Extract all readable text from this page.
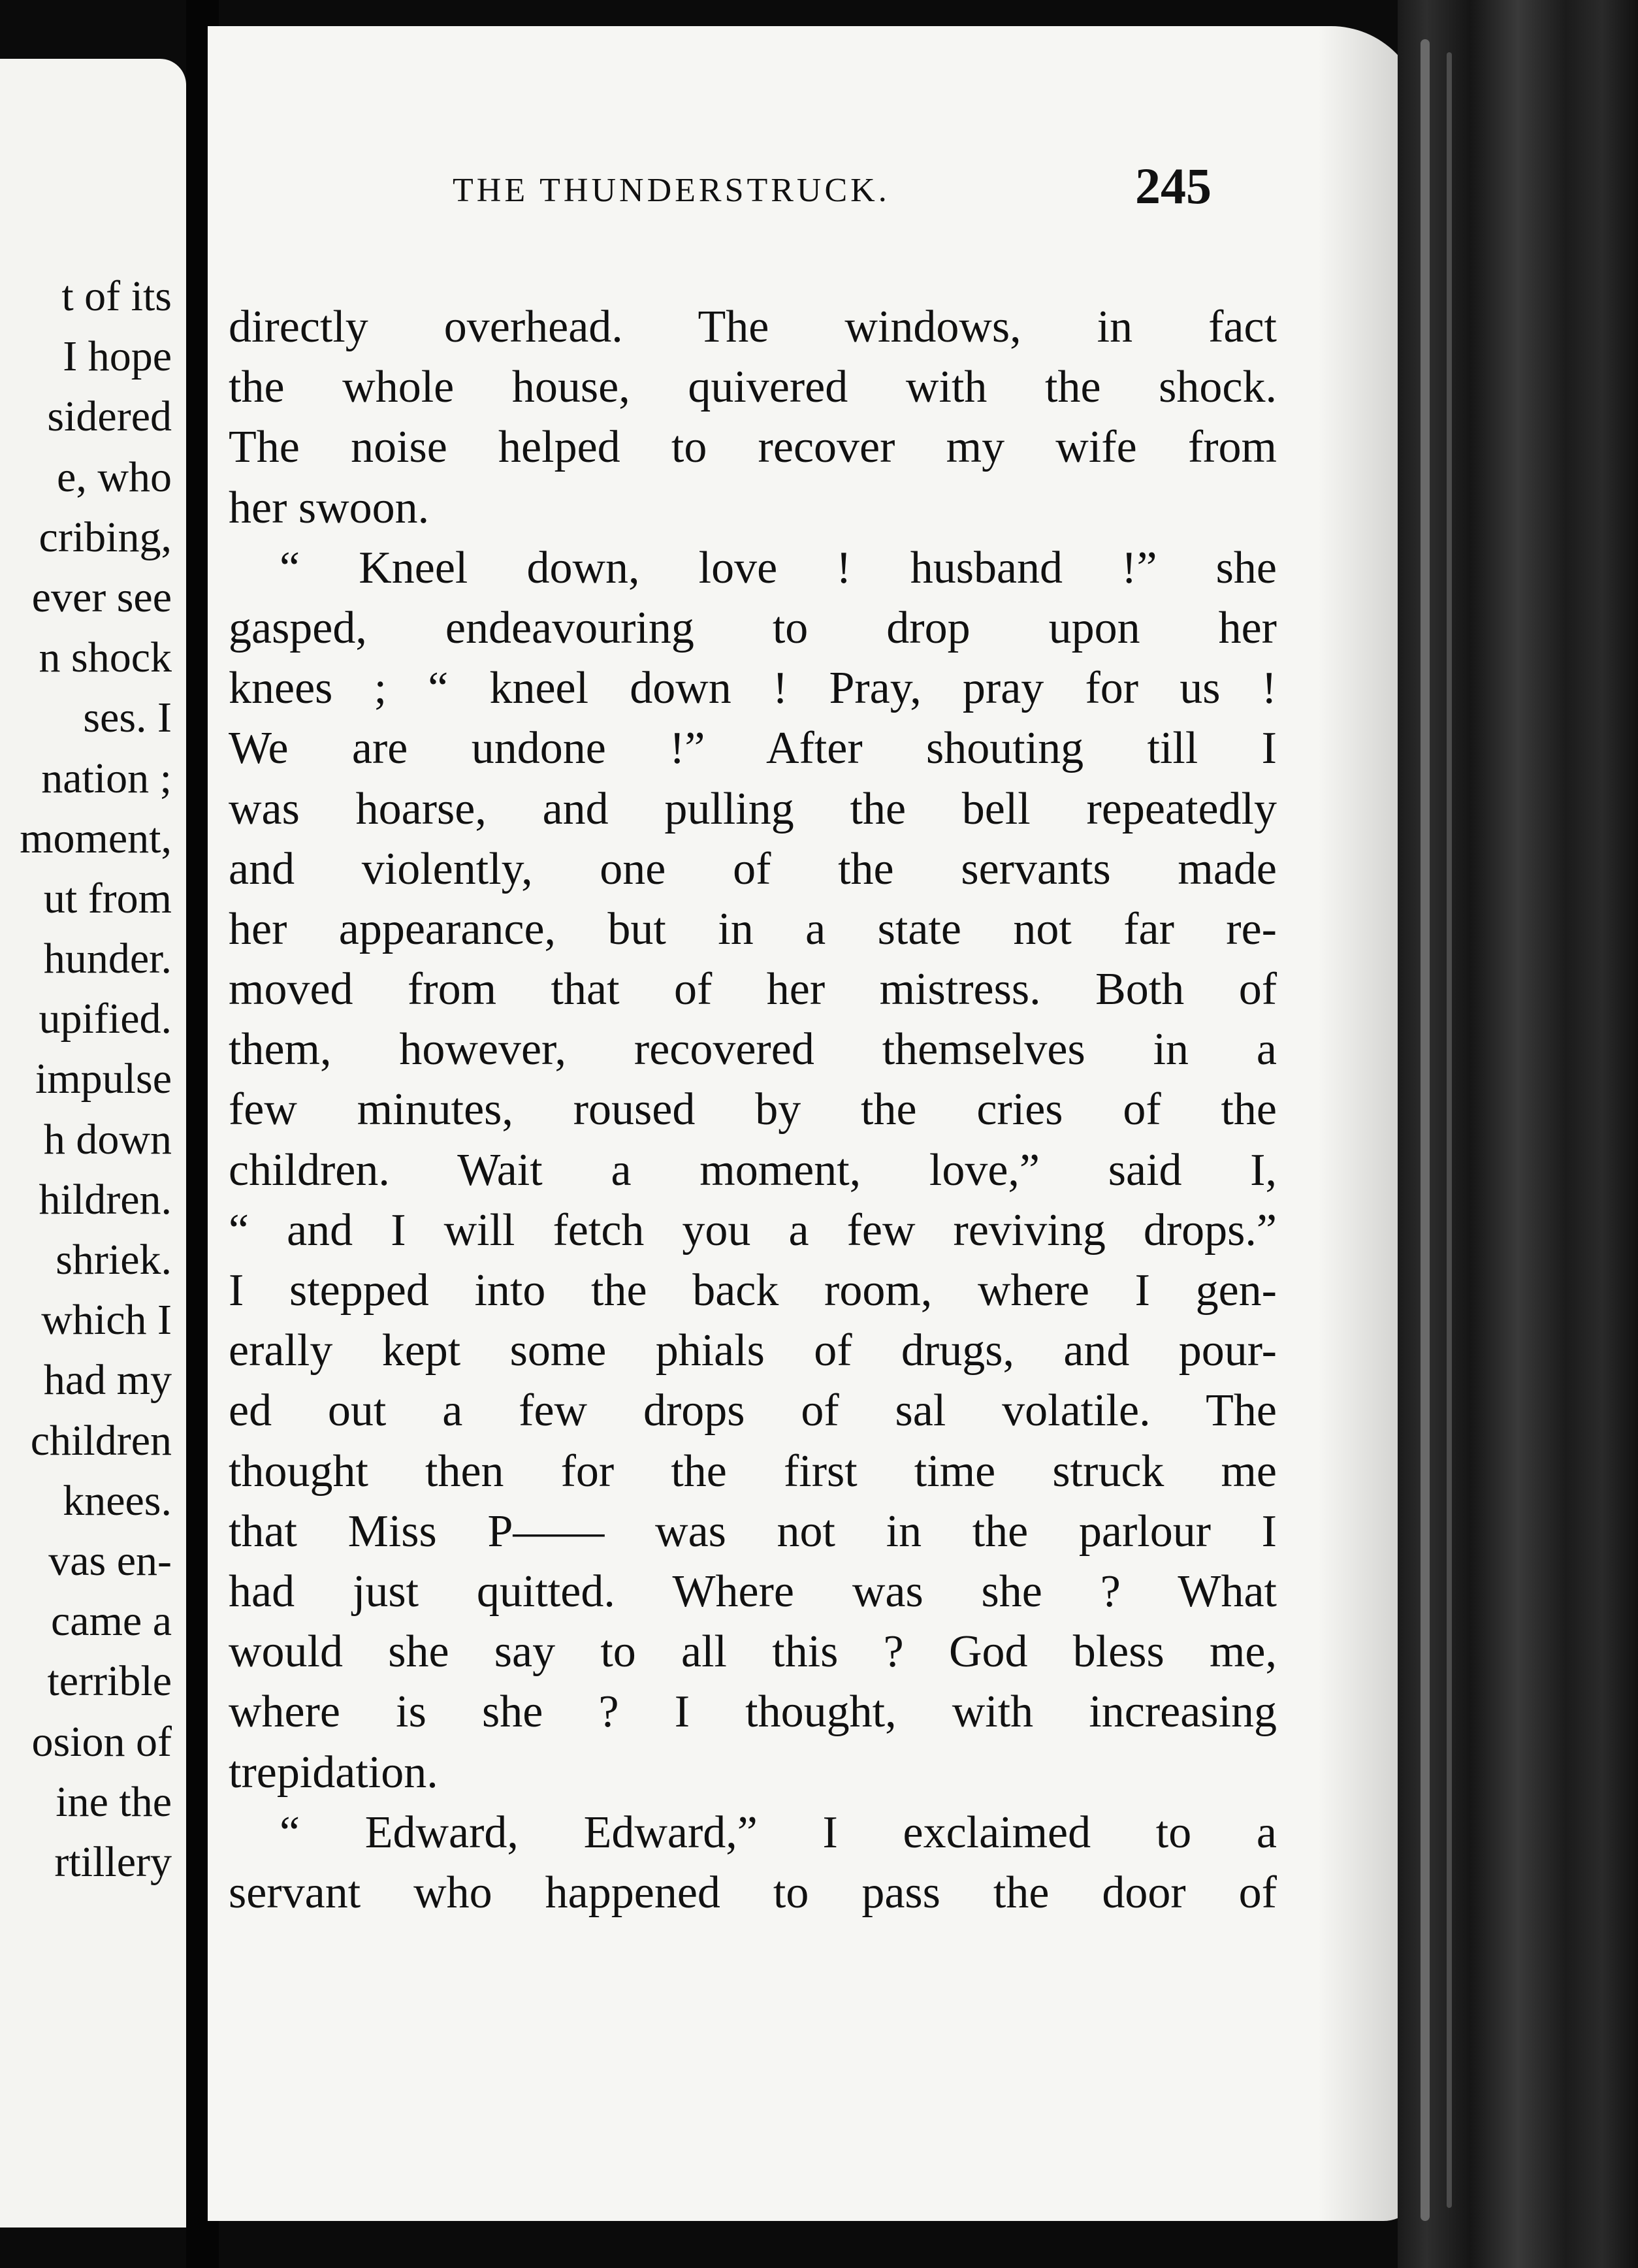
t of its
I hope
sidered
e, who
cribing,
ever see
n shock
ses. I
nation ;
moment,
ut from
hunder.
upified.
impulse
h down
hildren.
shriek.
which I
had my
children
knees.
vas en-
came a
terrible
osion of
ine the
rtillery
THE THUNDERSTRUCK.	245
directly overhead. The windows, in fact
the whole house, quivered with the shock.
The noise helped to recover my wife from
her swoon.
“ Kneel down, love ! husband !” she
gasped, endeavouring to drop upon her
knees ; “ kneel down ! Pray, pray for us !
We are undone !” After shouting till I
was hoarse, and pulling the bell repeatedly
and violently, one of the servants made
her appearance, but in a state not far re-
moved from that of her mistress. Both of
them, however, recovered themselves in a
few minutes, roused by the cries of the
children. Wait a moment, love,” said I,
“ and I will fetch you a few reviving drops.”
I stepped into the back room, where I gen-
erally kept some phials of drugs, and pour-
ed out a few drops of sal volatile. The
thought then for the first time struck me
that Miss P—— was not in the parlour I
had just quitted. Where was she ? What
would she say to all this ? God bless me,
where is she ? I thought, with increasing
trepidation.
“ Edward, Edward,” I exclaimed to a
servant who happened to pass the door of
